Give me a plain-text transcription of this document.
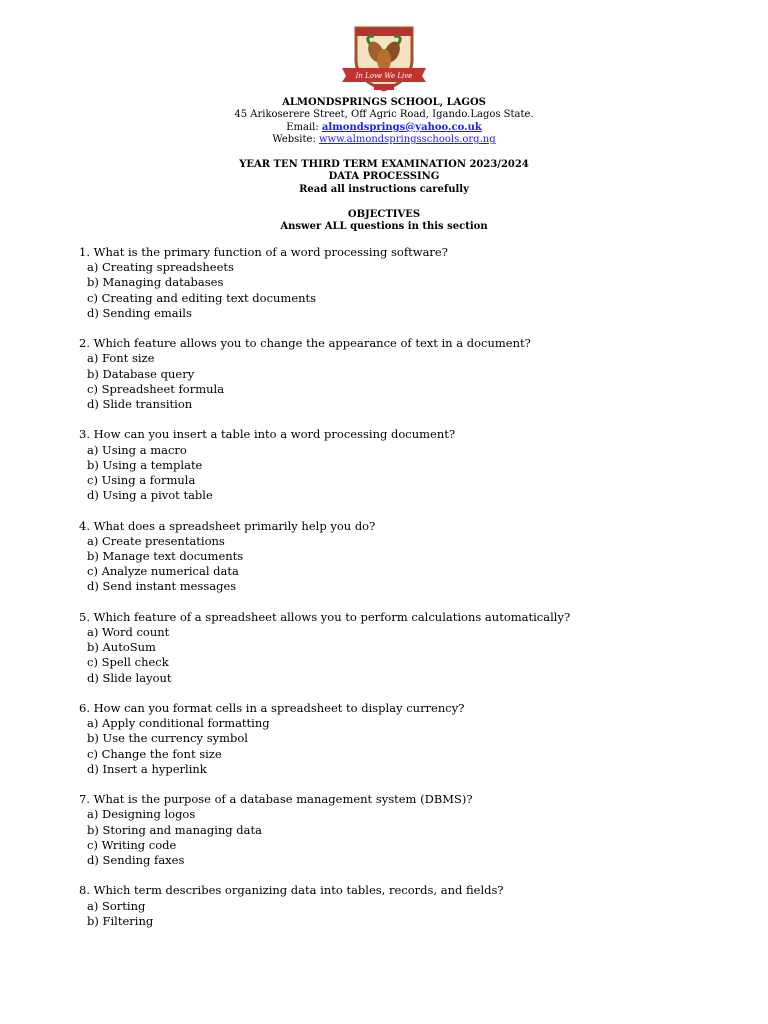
In Love We Live
ALMONDSPRINGS SCHOOL, LAGOS
45 Arikoserere Street, Off Agric Road, Igando.Lagos State.
Email: almondsprings@yahoo.co.uk
Website: www.almondspringsschools.org.ng
YEAR TEN THIRD TERM EXAMINATION 2023/2024
DATA PROCESSING
Read all instructions carefully
OBJECTIVES
Answer ALL questions in this section
1. What is the primary function of a word processing software?
a) Creating spreadsheets
b) Managing databases
c) Creating and editing text documents
d) Sending emails
2. Which feature allows you to change the appearance of text in a document?
a) Font size
b) Database query
c) Spreadsheet formula
d) Slide transition
3. How can you insert a table into a word processing document?
a) Using a macro
b) Using a template
c) Using a formula
d) Using a pivot table
4. What does a spreadsheet primarily help you do?
a) Create presentations
b) Manage text documents
c) Analyze numerical data
d) Send instant messages
5. Which feature of a spreadsheet allows you to perform calculations automatically?
a) Word count
b) AutoSum
c) Spell check
d) Slide layout
6. How can you format cells in a spreadsheet to display currency?
a) Apply conditional formatting
b) Use the currency symbol
c) Change the font size
d) Insert a hyperlink
7. What is the purpose of a database management system (DBMS)?
a) Designing logos
b) Storing and managing data
c) Writing code
d) Sending faxes
8. Which term describes organizing data into tables, records, and fields?
a) Sorting
b) Filtering
